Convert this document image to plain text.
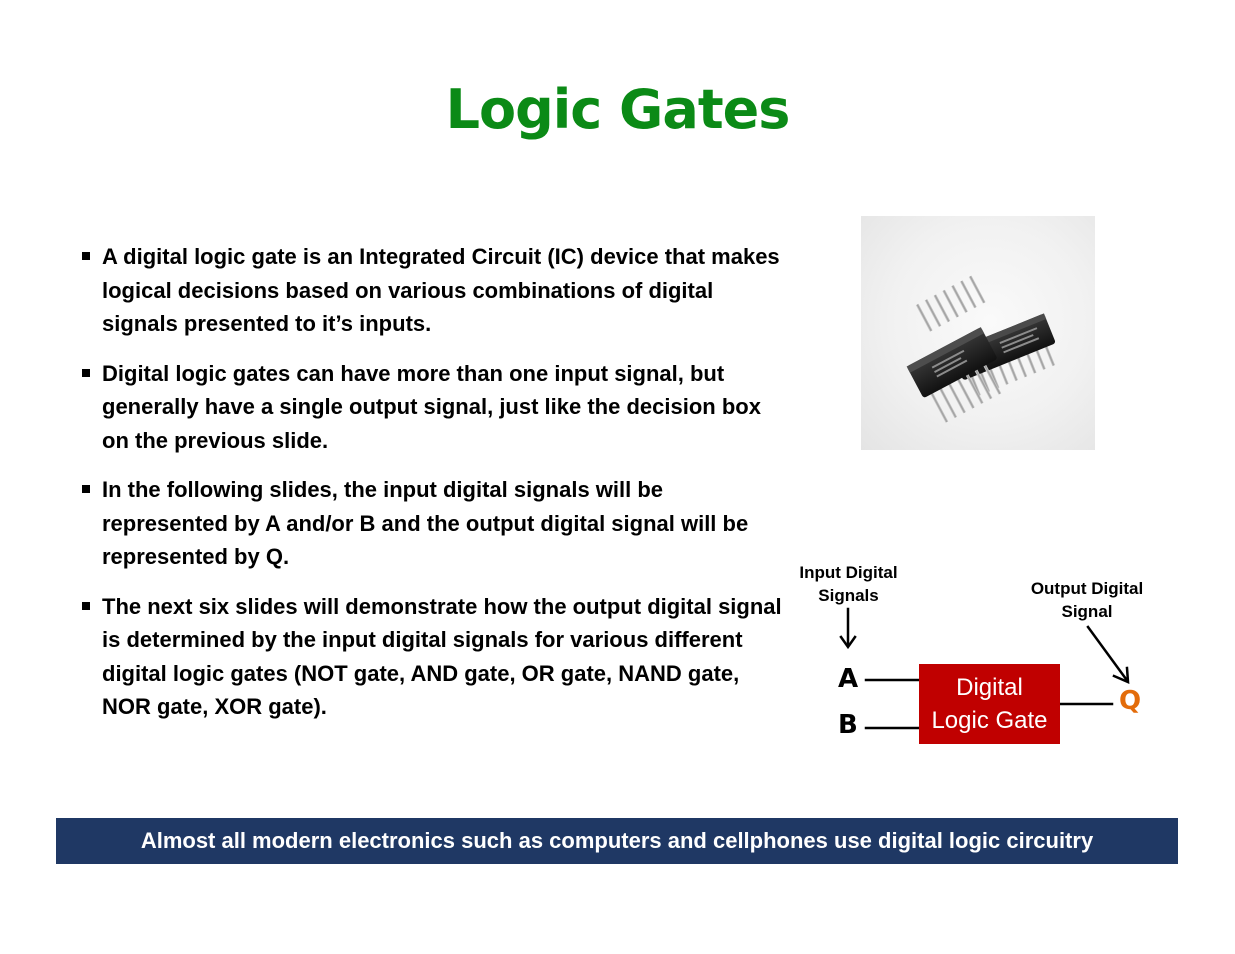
Logic Gates
A digital logic gate is an Integrated Circuit (IC) device that makes logical decisions based on various combinations of digital signals presented to it’s inputs.
Digital logic gates can have more than one input signal, but generally have a single output signal, just like the decision box on the previous slide.
In the following slides, the input digital signals will be represented by A and/or B and the output digital signal will be represented by Q.
The next six slides will demonstrate how the output digital signal is determined by the input digital signals for various different digital logic gates (NOT gate, AND gate, OR gate, NAND gate, NOR gate, XOR gate).
Input Digital
Signals	Output Digital
Signal
A
B
Q
Digital Logic Gate
Almost all modern electronics such as computers and cellphones use digital logic circuitry
